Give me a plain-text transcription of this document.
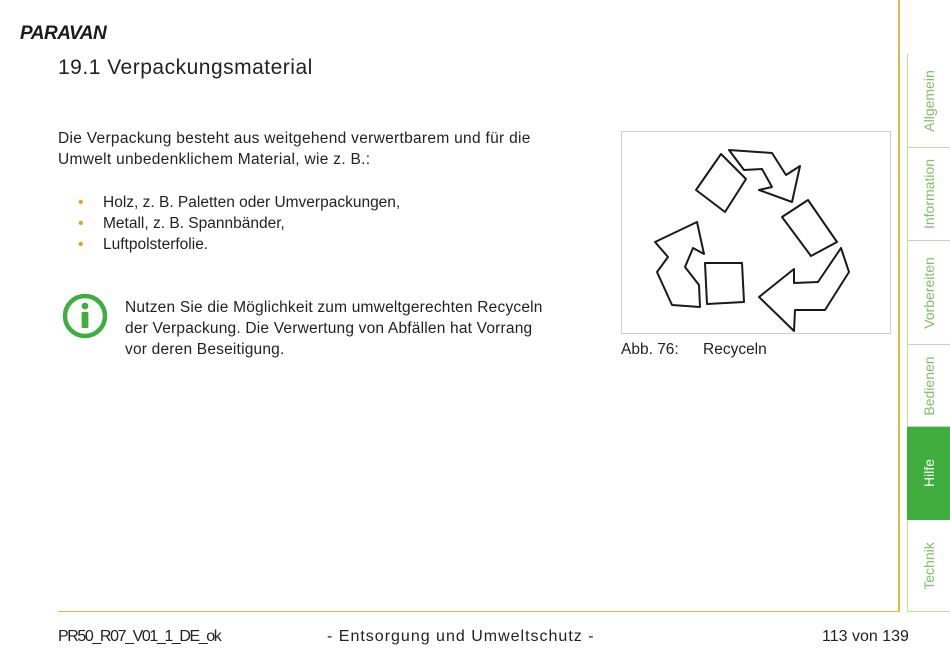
PARAVAN
19.1 Verpackungsmaterial
Die Verpackung besteht aus weitgehend verwertbarem und für die
Umwelt unbedenklichem Material, wie z. B.:
• Holz, z. B. Paletten oder Umverpackungen,
• Metall, z. B. Spannbänder,
• Luftpolsterfolie.
Nutzen Sie die Möglichkeit zum umweltgerechten Recyceln
der Verpackung. Die Verwertung von Abfällen hat Vorrang
vor deren Beseitigung.	Abb. 76: Recyceln
Allgemein
Information
Vorbereiten
Bedienen
Hilfe
Technik
PR50_R07_V01_1_DE_ok	- Entsorgung und Umweltschutz -	113 von 139
